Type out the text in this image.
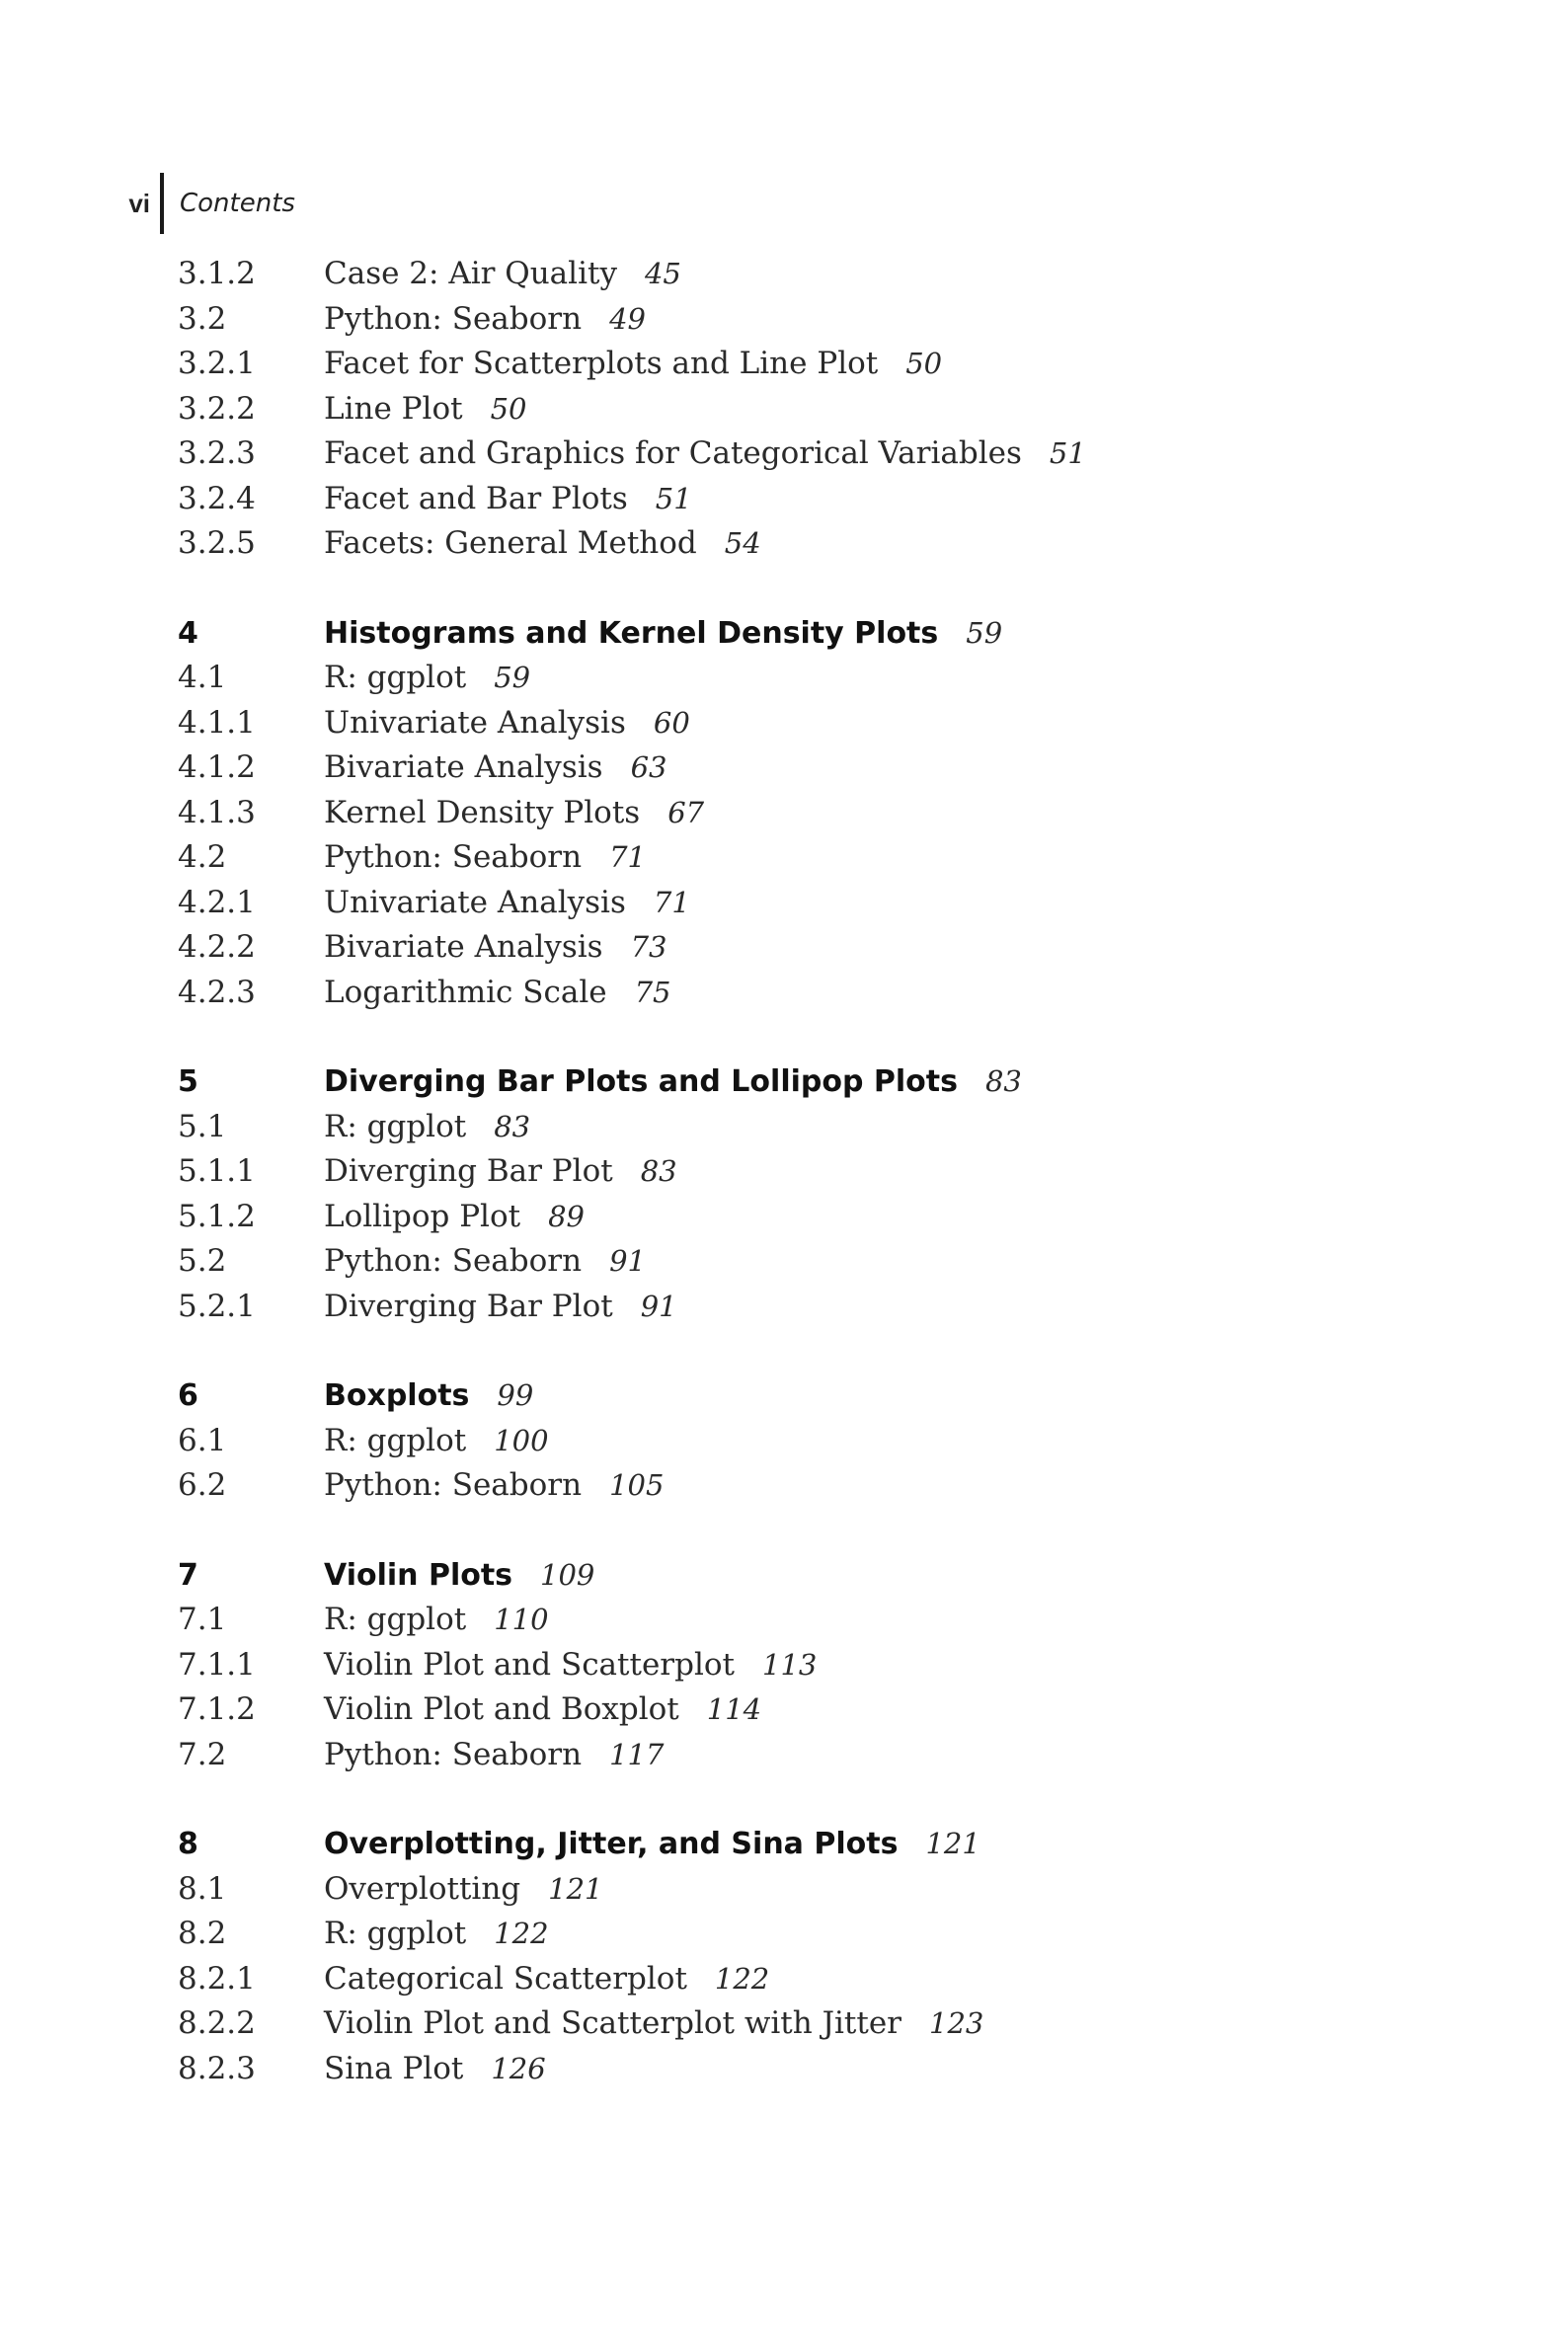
vi Contents
3.1.2	Case 2: Air Quality 45
3.2	Python: Seaborn 49
3.2.1	Facet for Scatterplots and Line Plot 50
3.2.2	Line Plot 50
3.2.3	Facet and Graphics for Categorical Variables 51
3.2.4	Facet and Bar Plots 51
3.2.5	Facets: General Method 54
4	Histograms and Kernel Density Plots 59
4.1	R: ggplot 59
4.1.1	Univariate Analysis 60
4.1.2	Bivariate Analysis 63
4.1.3	Kernel Density Plots 67
4.2	Python: Seaborn 71
4.2.1	Univariate Analysis 71
4.2.2	Bivariate Analysis 73
4.2.3	Logarithmic Scale 75
5	Diverging Bar Plots and Lollipop Plots 83
5.1	R: ggplot 83
5.1.1	Diverging Bar Plot 83
5.1.2	Lollipop Plot 89
5.2	Python: Seaborn 91
5.2.1	Diverging Bar Plot 91
6	Boxplots 99
6.1	R: ggplot 100
6.2	Python: Seaborn 105
7	Violin Plots 109
7.1	R: ggplot 110
7.1.1	Violin Plot and Scatterplot 113
7.1.2	Violin Plot and Boxplot 114
7.2	Python: Seaborn 117
8	Overplotting, Jitter, and Sina Plots 121
8.1	Overplotting 121
8.2	R: ggplot 122
8.2.1	Categorical Scatterplot 122
8.2.2	Violin Plot and Scatterplot with Jitter 123
8.2.3	Sina Plot 126
